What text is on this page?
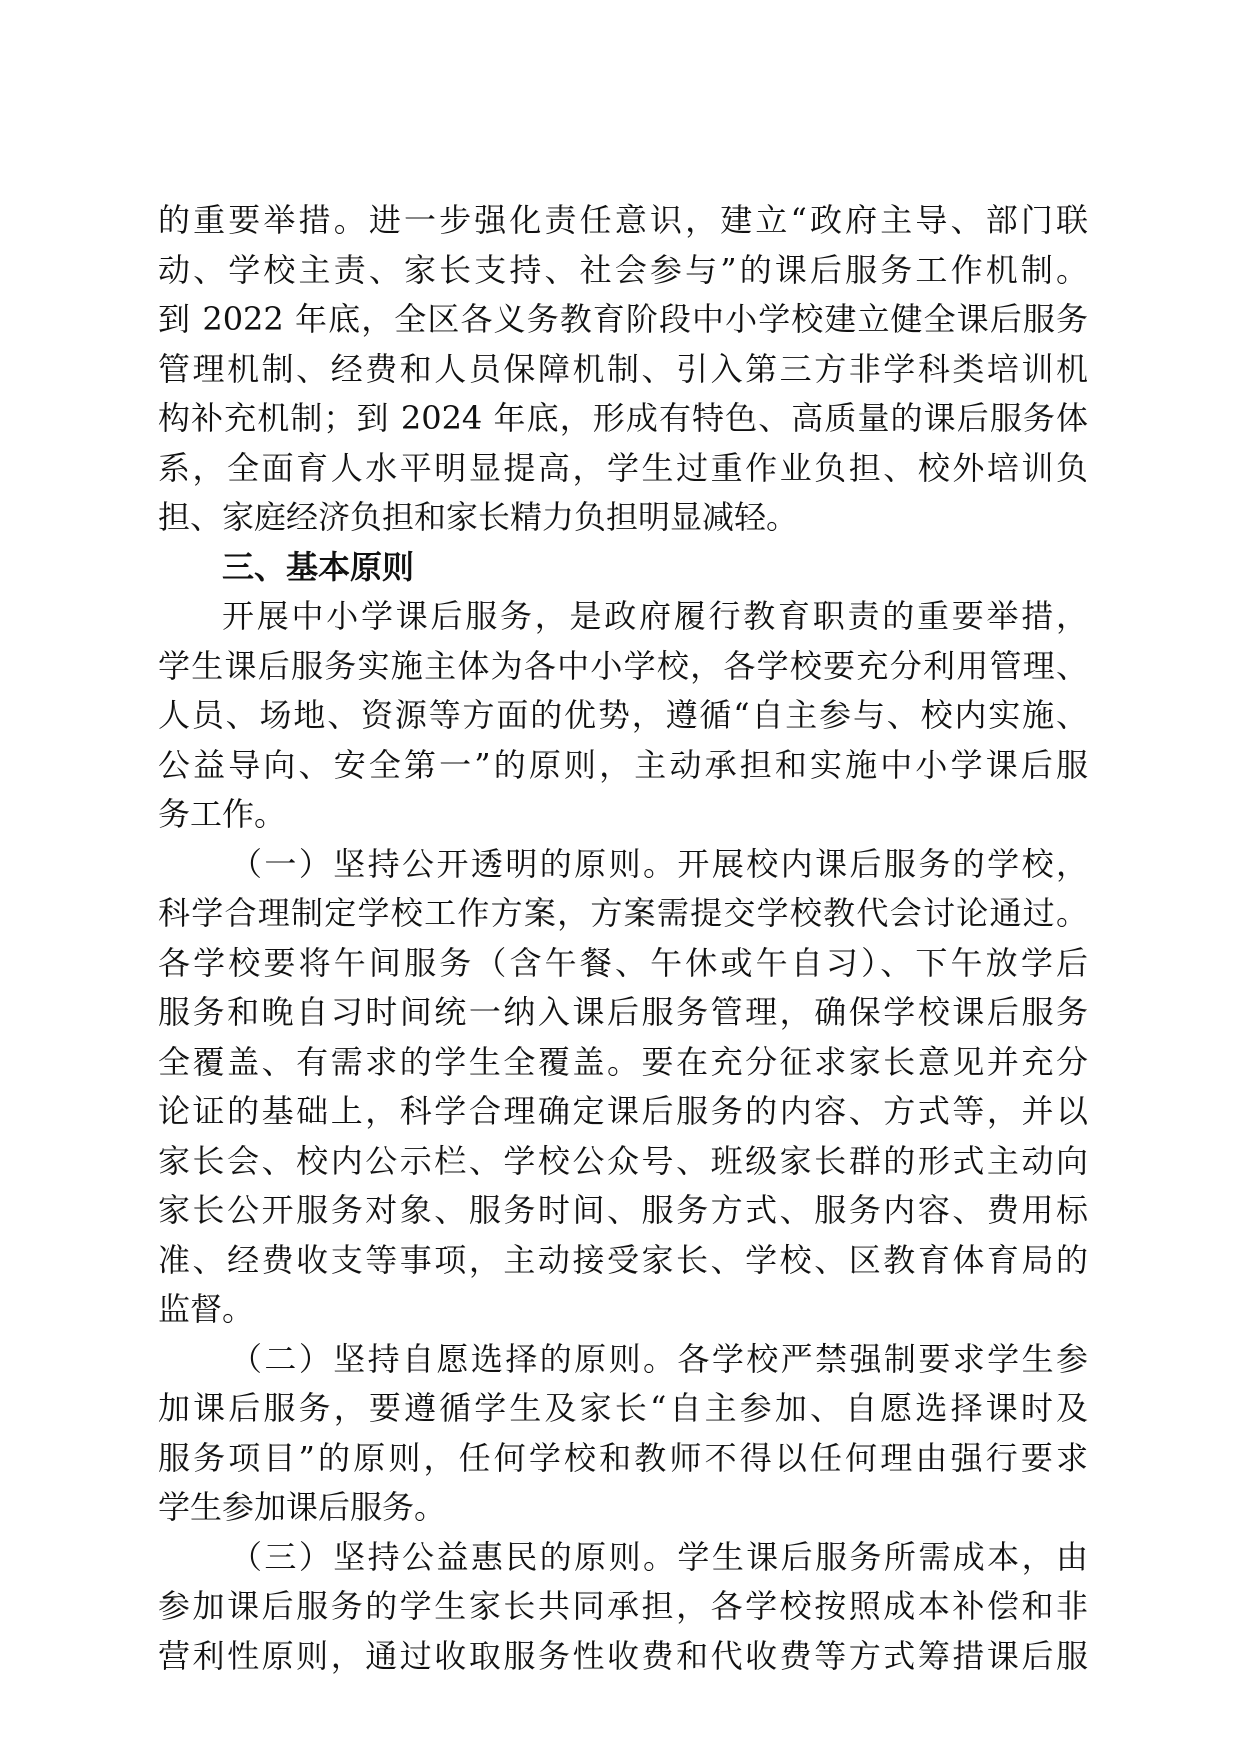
的重要举措。进一步强化责任意识，建立“政府主导、部门联
动、学校主责、家长支持、社会参与”的课后服务工作机制。
到 2022 年底，全区各义务教育阶段中小学校建立健全课后服务
管理机制、经费和人员保障机制、引入第三方非学科类培训机
构补充机制；到 2024 年底，形成有特色、高质量的课后服务体
系，全面育人水平明显提高，学生过重作业负担、校外培训负
担、家庭经济负担和家长精力负担明显减轻。
三、基本原则
开展中小学课后服务，是政府履行教育职责的重要举措，
学生课后服务实施主体为各中小学校，各学校要充分利用管理、
人员、场地、资源等方面的优势，遵循“自主参与、校内实施、
公益导向、安全第一”的原则，主动承担和实施中小学课后服
务工作。
（一）坚持公开透明的原则。开展校内课后服务的学校，
科学合理制定学校工作方案，方案需提交学校教代会讨论通过。
各学校要将午间服务（含午餐、午休或午自习）、下午放学后
服务和晚自习时间统一纳入课后服务管理，确保学校课后服务
全覆盖、有需求的学生全覆盖。要在充分征求家长意见并充分
论证的基础上，科学合理确定课后服务的内容、方式等，并以
家长会、校内公示栏、学校公众号、班级家长群的形式主动向
家长公开服务对象、服务时间、服务方式、服务内容、费用标
准、经费收支等事项，主动接受家长、学校、区教育体育局的
监督。
（二）坚持自愿选择的原则。各学校严禁强制要求学生参
加课后服务，要遵循学生及家长“自主参加、自愿选择课时及
服务项目”的原则，任何学校和教师不得以任何理由强行要求
学生参加课后服务。
（三）坚持公益惠民的原则。学生课后服务所需成本，由
参加课后服务的学生家长共同承担，各学校按照成本补偿和非
营利性原则，通过收取服务性收费和代收费等方式筹措课后服
